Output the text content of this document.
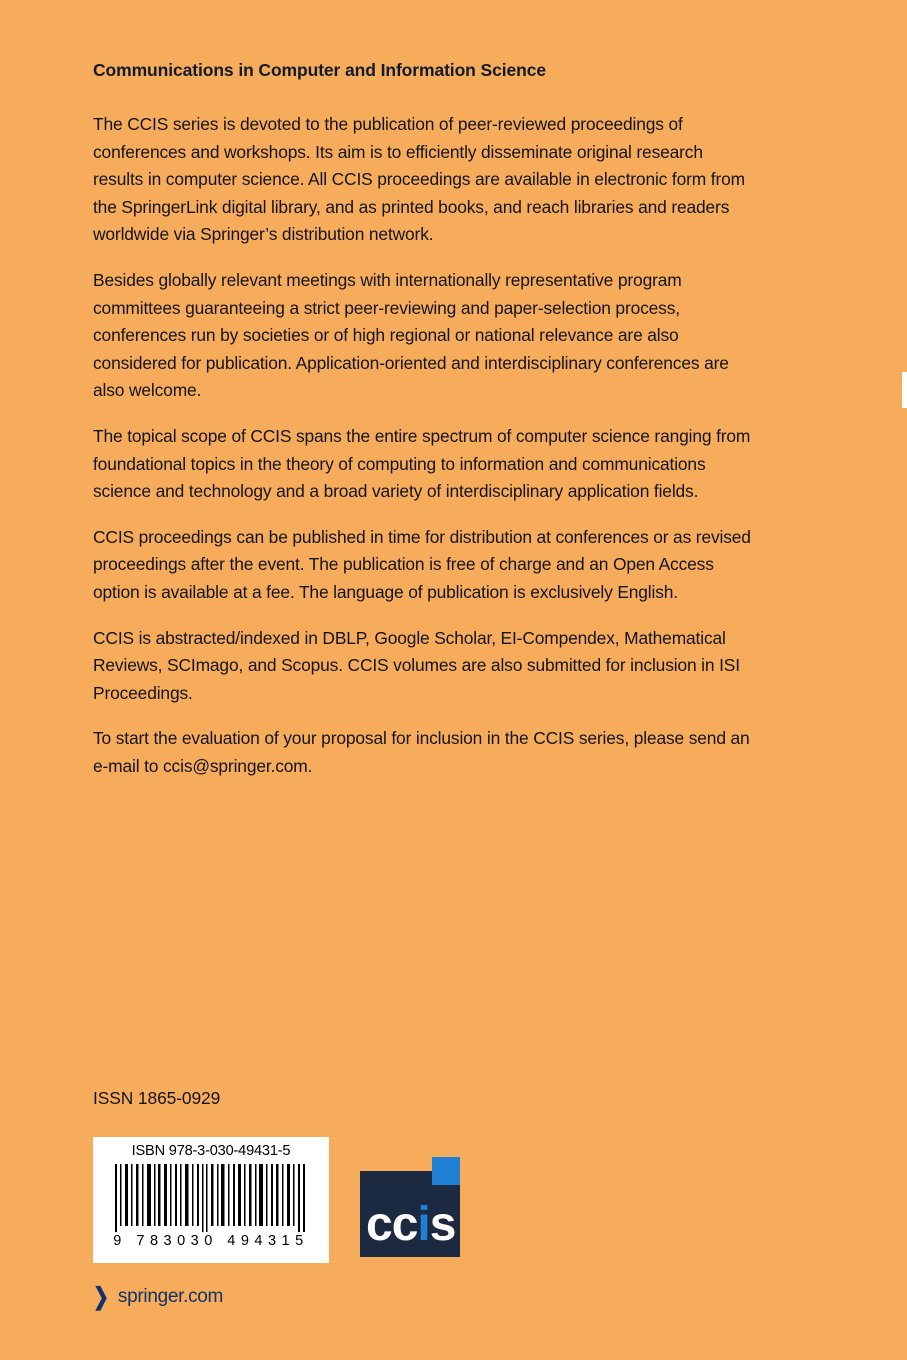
Communications in Computer and Information Science

The CCIS series is devoted to the publication of peer-reviewed proceedings of conferences and workshops. Its aim is to efficiently disseminate original research results in computer science. All CCIS proceedings are available in electronic form from the SpringerLink digital library, and as printed books, and reach libraries and readers worldwide via Springer’s distribution network.

Besides globally relevant meetings with internationally representative program committees guaranteeing a strict peer-reviewing and paper-selection process, conferences run by societies or of high regional or national relevance are also considered for publication. Application-oriented and interdisciplinary conferences are also welcome.

The topical scope of CCIS spans the entire spectrum of computer science ranging from foundational topics in the theory of computing to information and communications science and technology and a broad variety of interdisciplinary application fields.

CCIS proceedings can be published in time for distribution at conferences or as revised proceedings after the event. The publication is free of charge and an Open Access option is available at a fee. The language of publication is exclusively English.

CCIS is abstracted/indexed in DBLP, Google Scholar, EI-Compendex, Mathematical Reviews, SCImago, and Scopus. CCIS volumes are also submitted for inclusion in ISI Proceedings.

To start the evaluation of your proposal for inclusion in the CCIS series, please send an e-mail to ccis@springer.com.

ISSN 1865-0929
ISBN 978-3-030-49431-5
9 783030 494315 ccis
❯ springer.com
